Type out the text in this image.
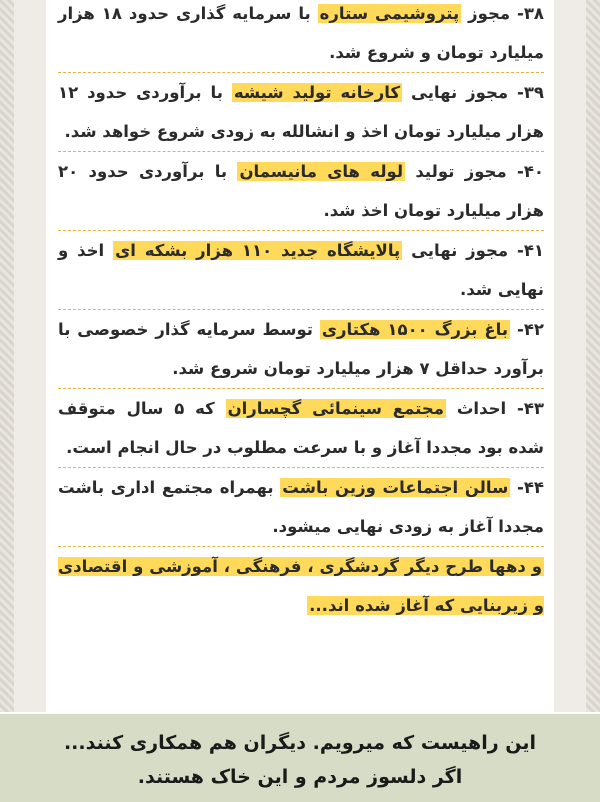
۳۸- مجوز پتروشیمی ستاره با سرمایه گذاری حدود ۱۸ هزار میلیارد تومان و شروع شد.
۳۹- مجوز نهایی کارخانه تولید شیشه با برآوردی حدود ۱۲ هزار میلیارد تومان اخذ و انشالله به زودی شروع خواهد شد.
۴۰- مجوز تولید لوله های مانیسمان با برآوردی حدود ۲۰ هزار میلیارد تومان اخذ شد.
۴۱- مجوز نهایی پالایشگاه جدید ۱۱۰ هزار بشکه ای اخذ و نهایی شد.
۴۲- باغ بزرگ ۱۵۰۰ هکتاری توسط سرمایه گذار خصوصی با برآورد حداقل ۷ هزار میلیارد تومان شروع شد.
۴۳- احداث مجتمع سینمائی گچساران که ۵ سال متوقف شده بود مجددا آغاز و با سرعت مطلوب در حال انجام است.
۴۴- سالن اجتماعات وزین باشت بهمراه مجتمع اداری باشت مجددا آغاز به زودی نهایی میشود.
و دهها طرح دیگر گردشگری ، فرهنگی ، آموزشی و اقتصادی و زیربنایی که آغاز شده اند...
این راهیست که میرویم. دیگران هم همکاری کنند...
اگر دلسوز مردم و این خاک هستند.
